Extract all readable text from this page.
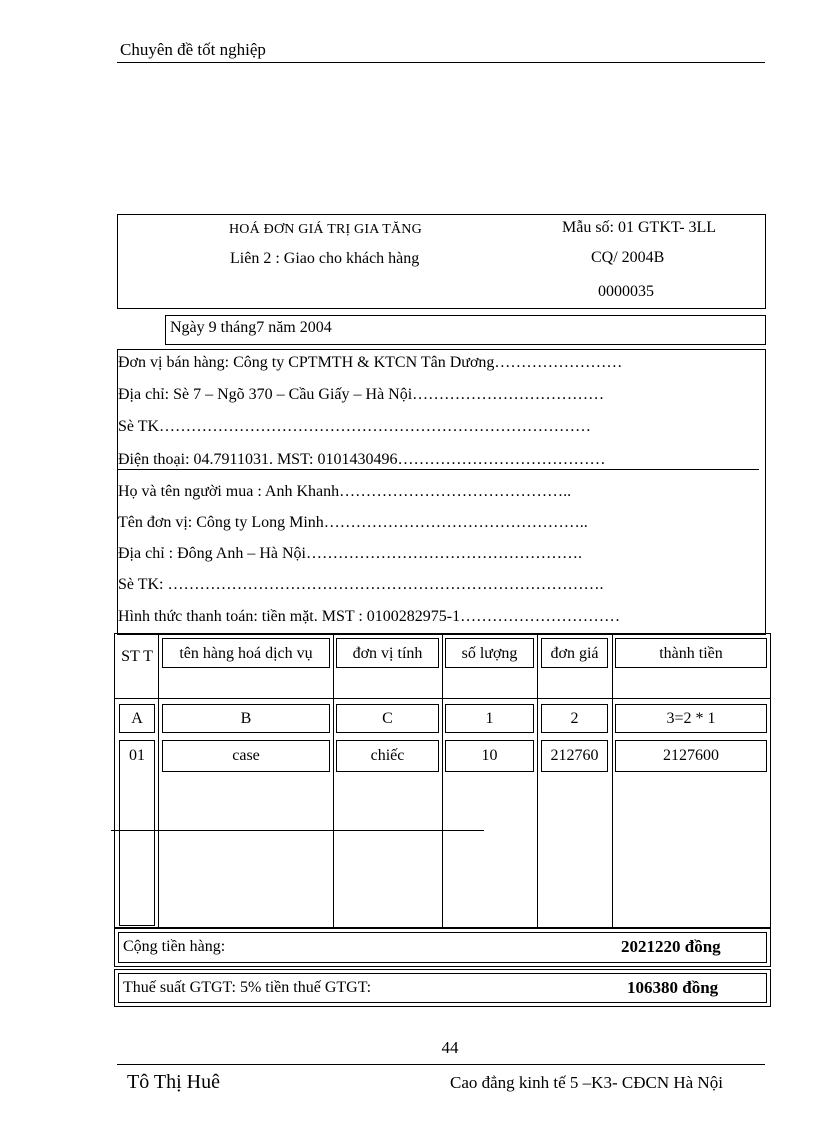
Chuyên đề tốt nghiệp
HOÁ ĐƠN GIÁ TRỊ GIA TĂNG
Liên 2 : Giao cho khách hàng
Mẫu số: 01 GTKT- 3LL
CQ/ 2004B
0000035
Ngày 9 tháng7 năm 2004
Đơn vị bán hàng: Công ty CPTMTH & KTCN Tân Dương……………………
Địa chỉ: Sè 7 – Ngõ 370 – Cầu Giấy – Hà Nội………………………………
Sè TK………………………………………………………………………
Điện thoại: 04.7911031. MST: 0101430496…………………………………
Họ và tên người mua : Anh Khanh……………………………………..
Tên đơn vị: Công ty Long Minh…………………………………………..
Địa chỉ : Đông Anh – Hà Nội…………………………………………….
Sè TK: ……………………………………………………………………….
Hình thức thanh toán: tiền mặt. MST : 0100282975-1…………………………
ST T	tên hàng hoá dịch vụ	đơn vị tính	số lượng	đơn giá	thành tiền
A	B	C	1	2	3=2 * 1
01	case	chiếc	10	212760	2127600
Cộng tiền hàng:	2021220 đồng
Thuế suất GTGT: 5% tiền thuế GTGT:	106380 đồng
44
Tô Thị Huê	Cao đẳng kinh tế 5 –K3- CĐCN Hà Nội
